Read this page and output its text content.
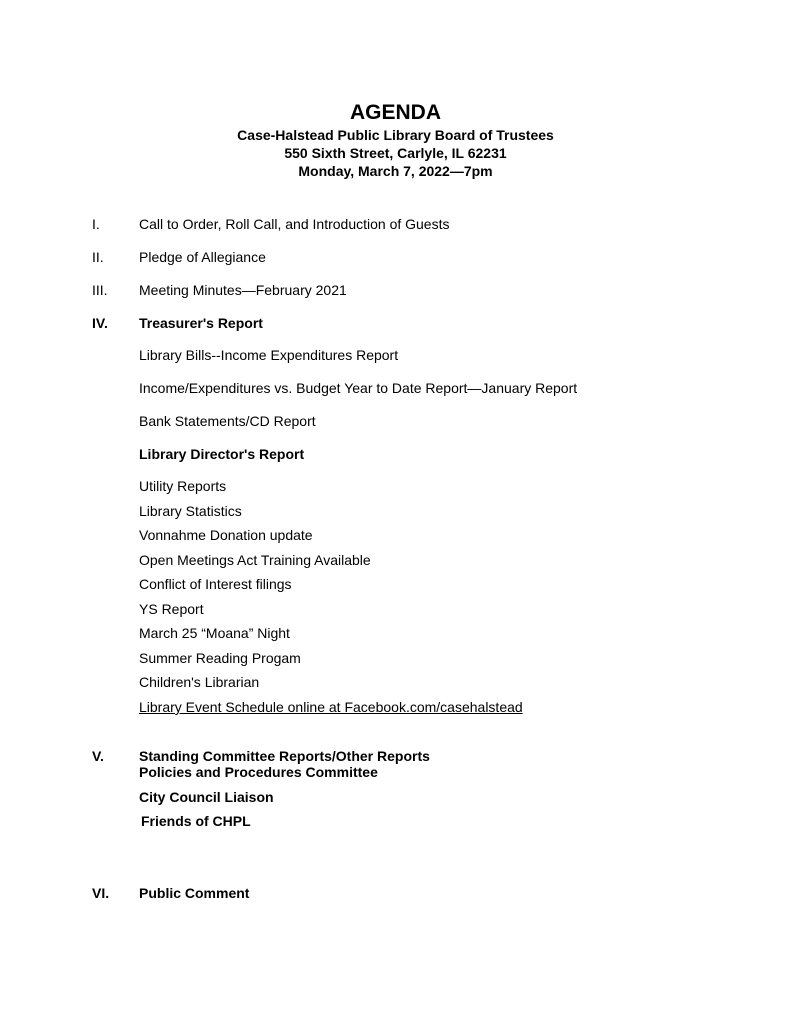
AGENDA
Case-Halstead Public Library Board of Trustees
550 Sixth Street, Carlyle, IL 62231
Monday, March 7, 2022—7pm
I.	Call to Order, Roll Call, and Introduction of Guests
II.	Pledge of Allegiance
III. Meeting Minutes—February 2021
IV. Treasurer's Report
Library Bills--Income Expenditures Report
Income/Expenditures vs. Budget Year to Date Report—January Report
Bank Statements/CD Report
Library Director's Report
Utility Reports
Library Statistics
Vonnahme Donation update
Open Meetings Act Training Available
Conflict of Interest filings
YS Report
March 25 “Moana” Night
Summer Reading Progam
Children's Librarian
Library Event Schedule online at Facebook.com/casehalstead
V.	Standing Committee Reports/Other Reports
Policies and Procedures Committee
City Council Liaison
Friends of CHPL
VI. Public Comment
